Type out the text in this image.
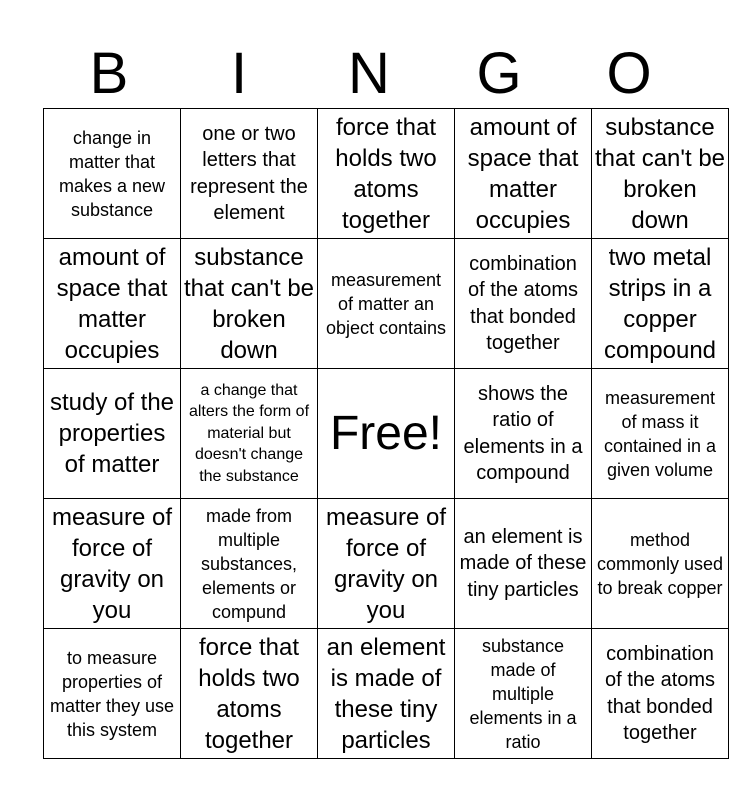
B	I	N	G	O
change in matter that makes a new substance	one or two letters that represent the element	force that holds two atoms together	amount of space that matter occupies	substance that can't be broken down

amount of space that matter occupies	substance that can't be broken down	measurement of matter an object contains	combination of the atoms that bonded together	two metal strips in a copper compound

study of the properties of matter	a change that alters the form of material but doesn't change the substance	Free!	shows the ratio of elements in a compound	measurement of mass it contained in a given volume

measure of force of gravity on you	made from multiple substances, elements or compund	measure of force of gravity on you	an element is made of these tiny particles	method commonly used to break copper

to measure properties of matter they use this system	force that holds two atoms together	an element is made of these tiny particles	substance made of multiple elements in a ratio	combination of the atoms that bonded together
